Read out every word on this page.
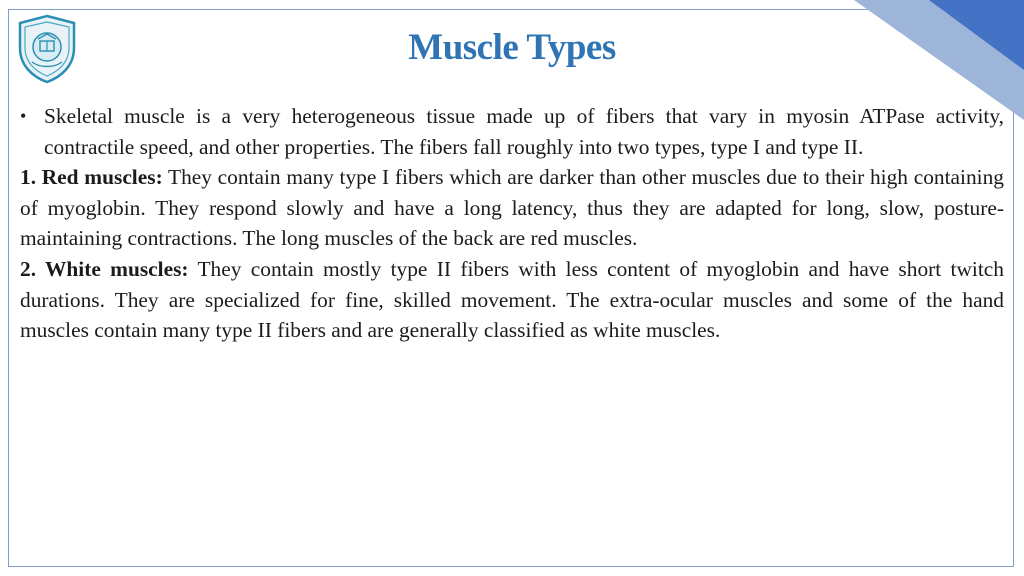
Muscle Types

• Skeletal muscle is a very heterogeneous tissue made up of fibers that vary in myosin ATPase activity, contractile speed, and other properties. The fibers fall roughly into two types, type I and type II.

1. Red muscles: They contain many type I fibers which are darker than other muscles due to their high containing of myoglobin. They respond slowly and have a long latency, thus they are adapted for long, slow, posture-maintaining contractions. The long muscles of the back are red muscles.

2. White muscles: They contain mostly type II fibers with less content of myoglobin and have short twitch durations. They are specialized for fine, skilled movement. The extra-ocular muscles and some of the hand muscles contain many type II fibers and are generally classified as white muscles.
